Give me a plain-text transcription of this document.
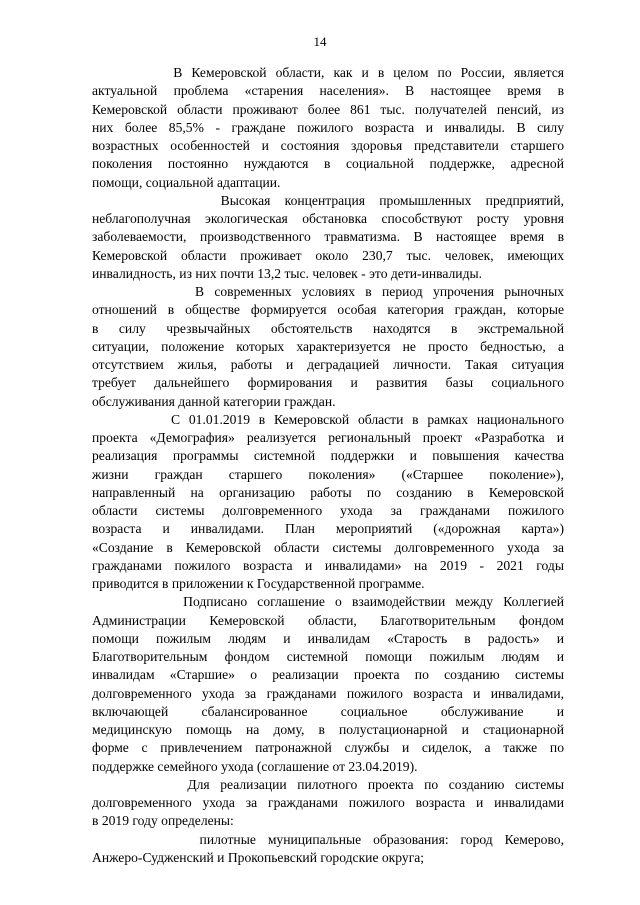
14
В Кемеровской области, как и в целом по России, является
актуальной проблема «старения населения». В настоящее время в
Кемеровской области проживают более 861 тыс. получателей пенсий, из
них более 85,5% - граждане пожилого возраста и инвалиды. В силу
возрастных особенностей и состояния здоровья представители старшего
поколения постоянно нуждаются в социальной поддержке, адресной
помощи, социальной адаптации.
Высокая концентрация промышленных предприятий,
неблагополучная экологическая обстановка способствуют росту уровня
заболеваемости, производственного травматизма. В настоящее время в
Кемеровской области проживает около 230,7 тыс. человек, имеющих
инвалидность, из них почти 13,2 тыс. человек - это дети-инвалиды.
В современных условиях в период упрочения рыночных
отношений в обществе формируется особая категория граждан, которые
в силу чрезвычайных обстоятельств находятся в экстремальной
ситуации, положение которых характеризуется не просто бедностью, а
отсутствием жилья, работы и деградацией личности. Такая ситуация
требует дальнейшего формирования и развития базы социального
обслуживания данной категории граждан.
С 01.01.2019 в Кемеровской области в рамках национального
проекта «Демография» реализуется региональный проект «Разработка и
реализация программы системной поддержки и повышения качества
жизни граждан старшего поколения» («Старшее поколение»),
направленный на организацию работы по созданию в Кемеровской
области системы долговременного ухода за гражданами пожилого
возраста и инвалидами. План мероприятий («дорожная карта»)
«Создание в Кемеровской области системы долговременного ухода за
гражданами пожилого возраста и инвалидами» на 2019 - 2021 годы
приводится в приложении к Государственной программе.
Подписано соглашение о взаимодействии между Коллегией
Администрации Кемеровской области, Благотворительным фондом
помощи пожилым людям и инвалидам «Старость в радость» и
Благотворительным фондом системной помощи пожилым людям и
инвалидам «Старшие» о реализации проекта по созданию системы
долговременного ухода за гражданами пожилого возраста и инвалидами,
включающей сбалансированное социальное обслуживание и
медицинскую помощь на дому, в полустационарной и стационарной
форме с привлечением патронажной службы и сиделок, а также по
поддержке семейного ухода (соглашение от 23.04.2019).
Для реализации пилотного проекта по созданию системы
долговременного ухода за гражданами пожилого возраста и инвалидами
в 2019 году определены:
пилотные муниципальные образования: город Кемерово,
Анжеро-Судженский и Прокопьевский городские округа;
